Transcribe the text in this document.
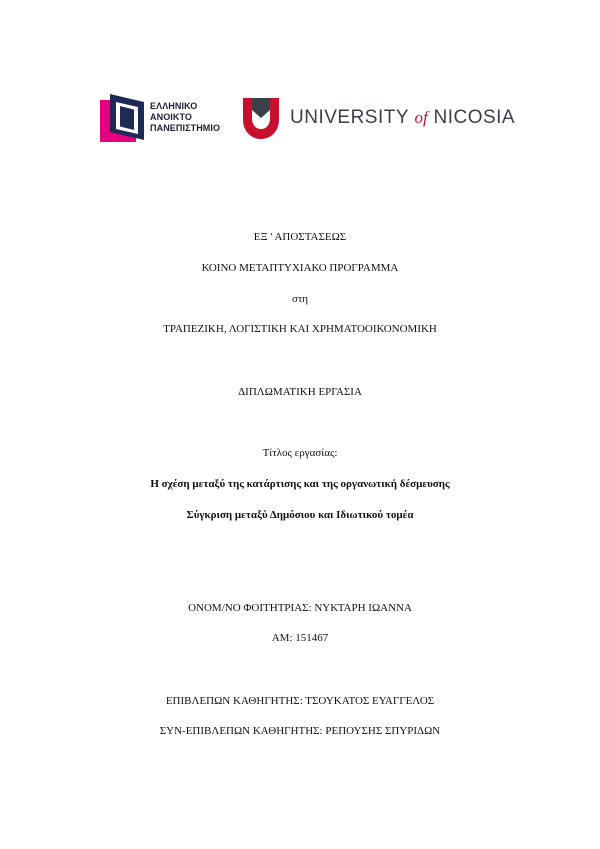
ΕΛΛΗΝΙΚΟ
ΑΝΟΙΚΤΟ
ΠΑΝΕΠΙΣΤΗΜΙΟ	UNIVERSITY of NICOSIA
ΕΞ ' ΑΠΟΣΤΑΣΕΩΣ
ΚΟΙΝΟ ΜΕΤΑΠΤΥΧΙΑΚΟ ΠΡΟΓΡΑΜΜΑ
στη
ΤΡΑΠΕΖΙΚΗ, ΛΟΓΙΣΤΙΚΗ ΚΑΙ ΧΡΗΜΑΤΟΟΙΚΟΝΟΜΙΚΗ
ΔΙΠΛΩΜΑΤΙΚΗ ΕΡΓΑΣΙΑ
Τίτλος εργασίας:
Η σχέση μεταξύ της κατάρτισης και της οργανωτική δέσμευσης
Σύγκριση μεταξύ Δημόσιου και Ιδιωτικού τομέα
ΟΝΟΜ/ΝΟ ΦΟΙΤΗΤΡΙΑΣ: ΝΥΚΤΑΡΗ ΙΩΑΝΝΑ
AM: 151467
ΕΠΙΒΛΕΠΩΝ ΚΑΘΗΓΗΤΗΣ: ΤΣΟΥΚΑΤΟΣ ΕΥΑΓΓΕΛΟΣ
ΣΥΝ-ΕΠΙΒΛΕΠΩΝ ΚΑΘΗΓΗΤΗΣ: ΡΕΠΟΥΣΗΣ ΣΠΥΡΙΔΩΝ
